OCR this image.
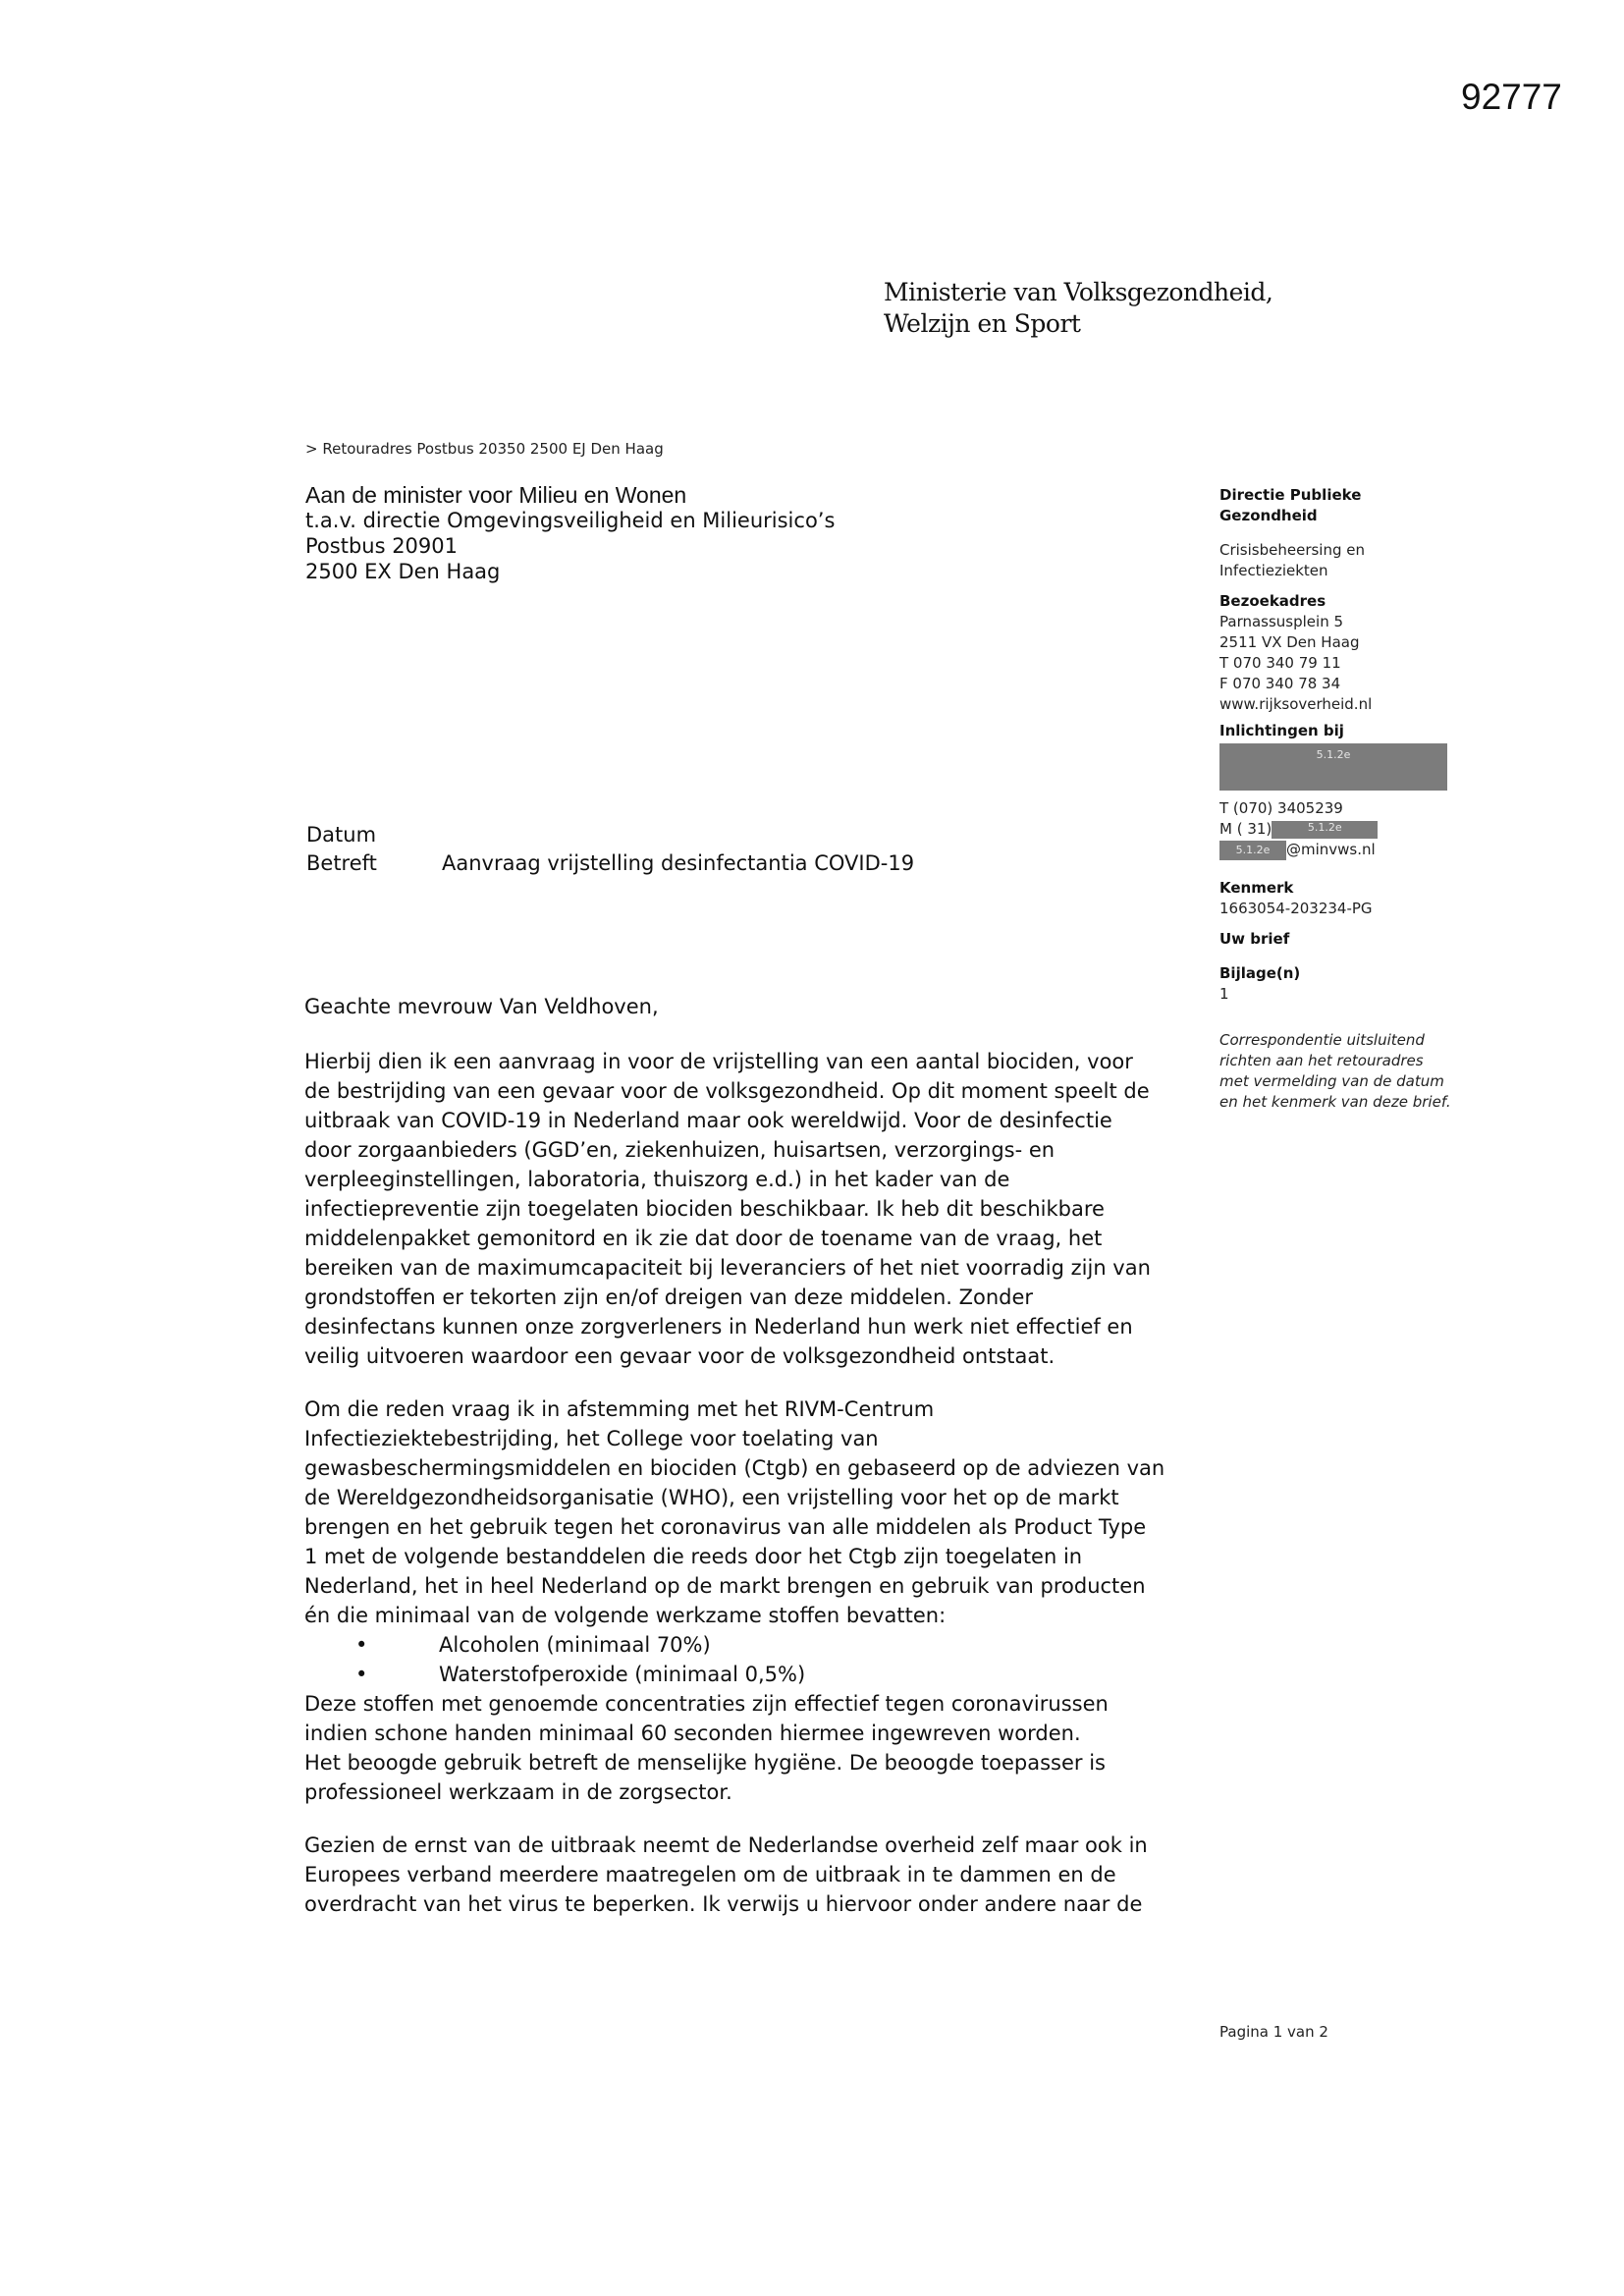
92777
Ministerie van Volksgezondheid,
Welzijn en Sport
> Retouradres Postbus 20350 2500 EJ Den Haag
Aan de minister voor Milieu en Wonen
t.a.v. directie Omgevingsveiligheid en Milieurisico’s
Postbus 20901
2500 EX Den Haag
Directie Publieke
Gezondheid
Crisisbeheersing en
Infectieziekten
Bezoekadres
Parnassusplein 5
2511 VX Den Haag
T 070 340 79 11
F 070 340 78 34
www.rijksoverheid.nl
Inlichtingen bij
5.1.2e
T (070) 3405239
M ( 31)	5.1.2e
5.1.2e @minvws.nl
Kenmerk
1663054-203234-PG
Uw brief
Bijlage(n)
1
Correspondentie uitsluitend richten aan het retouradres met vermelding van de datum en het kenmerk van deze brief.
Datum
Betreft	Aanvraag vrijstelling desinfectantia COVID-19
Geachte mevrouw Van Veldhoven,

Hierbij dien ik een aanvraag in voor de vrijstelling van een aantal biociden, voor
de bestrijding van een gevaar voor de volksgezondheid. Op dit moment speelt de
uitbraak van COVID-19 in Nederland maar ook wereldwijd. Voor de desinfectie
door zorgaanbieders (GGD’en, ziekenhuizen, huisartsen, verzorgings- en
verpleeginstellingen, laboratoria, thuiszorg e.d.) in het kader van de
infectiepreventie zijn toegelaten biociden beschikbaar. Ik heb dit beschikbare
middelenpakket gemonitord en ik zie dat door de toename van de vraag, het
bereiken van de maximumcapaciteit bij leveranciers of het niet voorradig zijn van
grondstoffen er tekorten zijn en/of dreigen van deze middelen. Zonder
desinfectans kunnen onze zorgverleners in Nederland hun werk niet effectief en
veilig uitvoeren waardoor een gevaar voor de volksgezondheid ontstaat.

Om die reden vraag ik in afstemming met het RIVM-Centrum
Infectieziektebestrijding, het College voor toelating van
gewasbeschermingsmiddelen en biociden (Ctgb) en gebaseerd op de adviezen van
de Wereldgezondheidsorganisatie (WHO), een vrijstelling voor het op de markt
brengen en het gebruik tegen het coronavirus van alle middelen als Product Type
1 met de volgende bestanddelen die reeds door het Ctgb zijn toegelaten in
Nederland, het in heel Nederland op de markt brengen en gebruik van producten
én die minimaal van de volgende werkzame stoffen bevatten:
•	Alcoholen (minimaal 70%)
•	Waterstofperoxide (minimaal 0,5%)
Deze stoffen met genoemde concentraties zijn effectief tegen coronavirussen
indien schone handen minimaal 60 seconden hiermee ingewreven worden.
Het beoogde gebruik betreft de menselijke hygiëne. De beoogde toepasser is
professioneel werkzaam in de zorgsector.

Gezien de ernst van de uitbraak neemt de Nederlandse overheid zelf maar ook in
Europees verband meerdere maatregelen om de uitbraak in te dammen en de
overdracht van het virus te beperken. Ik verwijs u hiervoor onder andere naar de

Pagina 1 van 2
